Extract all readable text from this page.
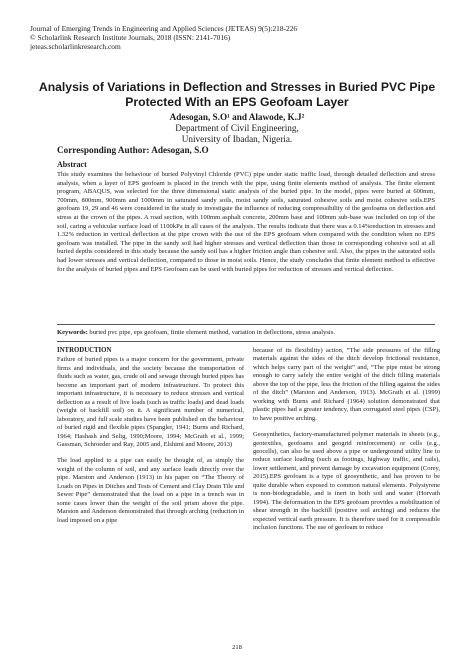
Journal of Emerging Trends in Engineering and Applied Sciences (JETEAS) 9(5):218-226
© Scholarlink Research Institute Journals, 2018 (ISSN: 2141-7016)
jeteas.scholarlinkresearch.com
Analysis of Variations in Deflection and Stresses in Buried PVC Pipe Protected With an EPS Geofoam Layer
Adesogan, S.O¹ and Alawode, K.J²
Department of Civil Engineering,
University of Ibadan, Nigeria.
Corresponding Author: Adesogan, S.O
Abstract

This study examines the behaviour of buried Polyvinyl Chloride (PVC) pipe under static traffic load, through detailed deflection and stress analysis, when a layer of EPS geofoam is placed in the trench with the pipe, using finite elements method of analysis. The finite element program, ABAQUS, was selected for the three dimensional static analysis of the buried pipe. In the model, pipes were buried at 600mm, 700mm, 800mm, 900mm and 1000mm in saturated sandy soils, moist sandy soils, saturated cohesive soils and moist cohesive soils.EPS geofoam 19, 29 and 46 were considered in the study to investigate the influence of reducing compressibility of the geofoams on deflection and stress at the crown of the pipes. A road section, with 100mm asphalt concrete, 200mm base and 100mm sub-base was included on top of the soil, caring a vehicular surface load of 1100kPa in all cases of the analysis. The results indicate that there was a 0.14%reduction in stresses and 1.32% reduction in vertical deflection at the pipe crown with the use of the EPS geofoam when compared with the condition when no EPS geofoam was installed. The pipe in the sandy soil had higher stresses and vertical deflection than those in corresponding cohesive soil at all buried depths considered in this study because the sandy soil has a higher friction angle than cohesive soil. Also, the pipes in the saturated soils had lower stresses and vertical deflection, compared to those in moist soils. Hence, the study concludes that finite element method is effective for the analysis of buried pipes and EPS Geofoam can be used with buried pipes for reduction of stresses and vertical deflection.

Keywords: buried pvc pipe, eps geofoam, finite element method, variation in deflections, stress analysis.

INTRODUCTION

Failure of buried pipes is a major concern for the government, private firms and individuals, and the society because the transportation of fluids such as water, gas, crude oil and sewage through buried pipes has become an important part of modern infrastructure. To protect this important infrastructure, it is necessary to reduce stresses and vertical deflection as a result of live loads (such as traffic loads) and dead loads (weight of backfill soil) on it. A significant number of numerical, laboratory, and full scale studies have been published on the behaviour of buried rigid and flexible pipes (Spangler, 1941; Burns and Richard, 1964; Hashash and Selig, 1990;Moore, 1994; McGrath et al., 1999; Gassman, Schroeder and Ray, 2005 and, Elshimi and Moore, 2013)

The load applied to a pipe can easily be thought of, as simply the weight of the column of soil, and any surface loads directly over the pipe. Marston and Anderson (1913) in his paper on “The Theory of Loads on Pipes in Ditches and Tests of Cement and Clay Drain Tile and Sewer Pipe” demonstrated that the load on a pipe in a trench was in some cases lower than the weight of the soil prism above the pipe. Marston and Anderson demonstrated that through arching (reduction in load imposed on a pipe

because of its flexibility) action, “The side pressures of the filling materials against the sides of the ditch develop frictional resistance, which helps carry part of the weight” and, “The pipe must be strong enough to carry safely the entire weight of the ditch filling materials above the top of the pipe, less the friction of the filling against the sides of the ditch” (Marston and Anderson, 1913). McGrath et al. (1999) working with Burns and Richard (1964) solution demonstrated that plastic pipes had a greater tendency, than corrugated steel pipes (CSP), to have positive arching.

Geosynthetics, factory-manufactured polymer materials in sheets (e.g., geotextiles, geofoams and geogrid reinforcement) or cells (e.g., geocells), can also be used above a pipe or underground utility line to reduce surface loading (such as footings, highway traffic, and rails), lower settlement, and prevent damage by excavation equipment (Corey, 2015).EPS geofoam is a type of geosynthetic, and has proven to be quite durable when exposed to common natural elements. Polystyrene is non-biodegradable, and is inert in both soil and water (Horvath 1994). The deformation in the EPS geofoam provides a mobilization of shear strength in the backfill (positive soil arching) and reduces the expected vertical earth pressure. It is therefore used for it compressible inclusion functions. The use of geofoam to reduce

218
